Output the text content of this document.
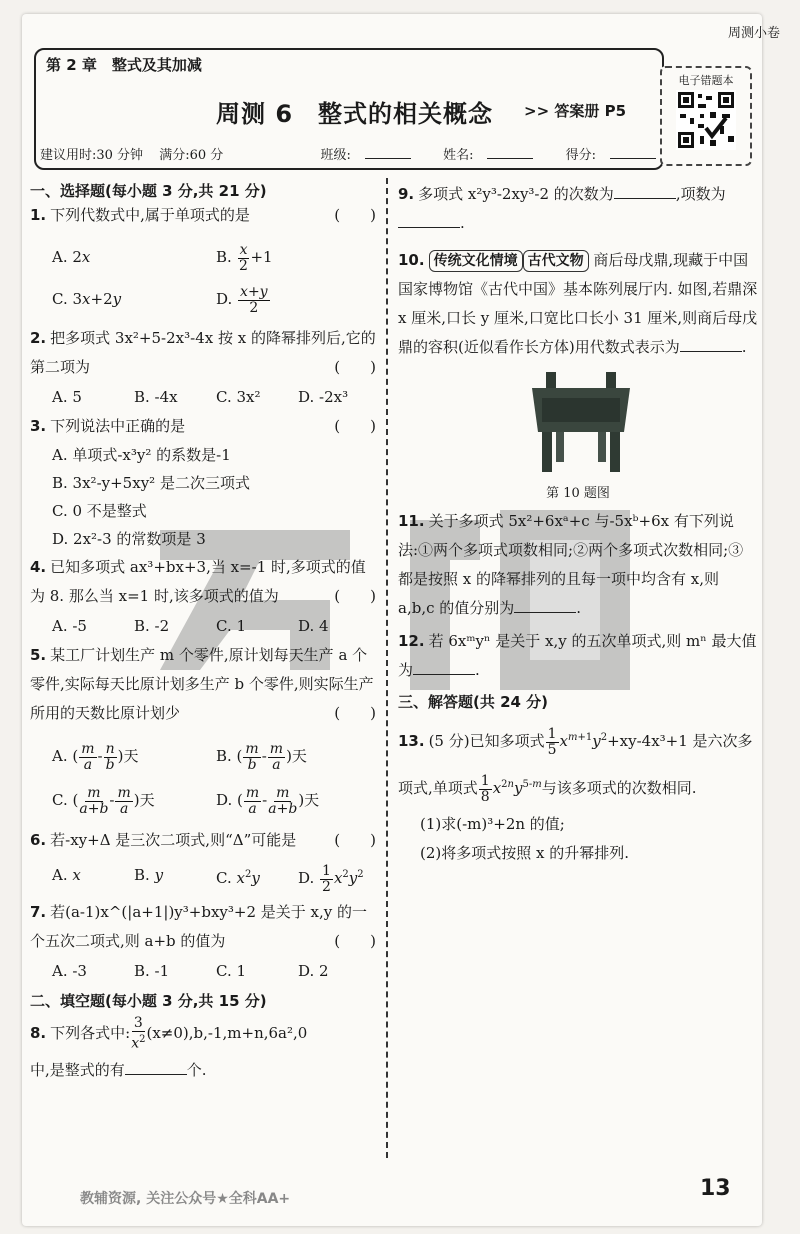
周测小卷
第 2 章　整式及其加减
周测 6　整式的相关概念 >> 答案册 P5
建议用时:30 分钟 满分:60 分	班级:	姓名:	得分:
电子错题本
一、选择题(每小题 3 分,共 21 分)
1. 下列代数式中,属于单项式的是	(　　)
A. 2x	B. $\frac{x}{2} +1$
C. 3x+2y	D. $\frac{x+y}{2}$
2. 把多项式 3x²+5-2x³-4x 按 x 的降幂排列后,它的第二项为	(　　)
A. 5	B. -4x	C. 3x²	D. -2x³
3. 下列说法中正确的是	(　　)
A. 单项式-x³y² 的系数是-1
B. 3x²-y+5xy² 是二次三项式
C. 0 不是整式
D. 2x²-3 的常数项是 3
4. 已知多项式 ax³+bx+3,当 x=-1 时,多项式的值为 8. 那么当 x=1 时,该多项式的值为	(　　)
A. -5	B. -2	C. 1	D. 4
5. 某工厂计划生产 m 个零件,原计划每天生产 a 个零件,实际每天比原计划多生产 b 个零件,则实际生产所用的天数比原计划少	(　　)
A. ( $\frac{m}{a} - \frac{n}{b}$ )天	B. ( $\frac{m}{b} - \frac{m}{a}$ )天
C. ( $\frac{m}{a+b} - \frac{m}{a}$ )天	D. ( $\frac{m}{a} - \frac{m}{a+b}$ )天
6. 若-xy+Δ 是三次二项式,则“Δ”可能是	(　　)
A. x	B. y	C. $x^2y$	D. $\frac{1}{2} x^2y^2$
7. 若(a-1)x^(|a+1|)y³+bxy³+2 是关于 x,y 的一个五次二项式,则 a+b 的值为	(　　)
A. -3	B. -1	C. 1	D. 2
二、填空题(每小题 3 分,共 15 分)
8. 下列各式中: $\frac{3}{x^2} (x\ne 0),b,-1,m+n,6a^2,0$
中,是整式的有	个.
9. 多项式 x²y³-2xy³-2 的次数为	,项数为.
10. 传统文化情境 古代文物 商后母戊鼎,现藏于中国国家博物馆《古代中国》基本陈列展厅内. 如图,若鼎深 x 厘米,口长 y 厘米,口宽比口长小 31 厘米,则商后母戊鼎的容积(近似看作长方体)用代数式表示为	.
第 10 题图
11. 关于多项式 5x²+6xᵃ+c 与-5xᵇ+6x 有下列说法:①两个多项式项数相同;②两个多项式次数相同;③都是按照 x 的降幂排列的且每一项中均含有 x,则 a,b,c 的值分别为	.
12. 若 6xᵐyⁿ 是关于 x,y 的五次单项式,则 mⁿ 最大值为	.
三、解答题(共 24 分)
13. (5 分)已知多项式 $\frac{1}{5} x^{m+1}y^2+xy-4x^3+1$ 是六次多项式,单项式 $\frac{1}{8} x^{2n}y^{5-m}$与该多项式的次数相同.
(1)求(-m)³+2n 的值;
(2)将多项式按照 x 的升幂排列.
教辅资源, 关注公众号★全科AA+	13
